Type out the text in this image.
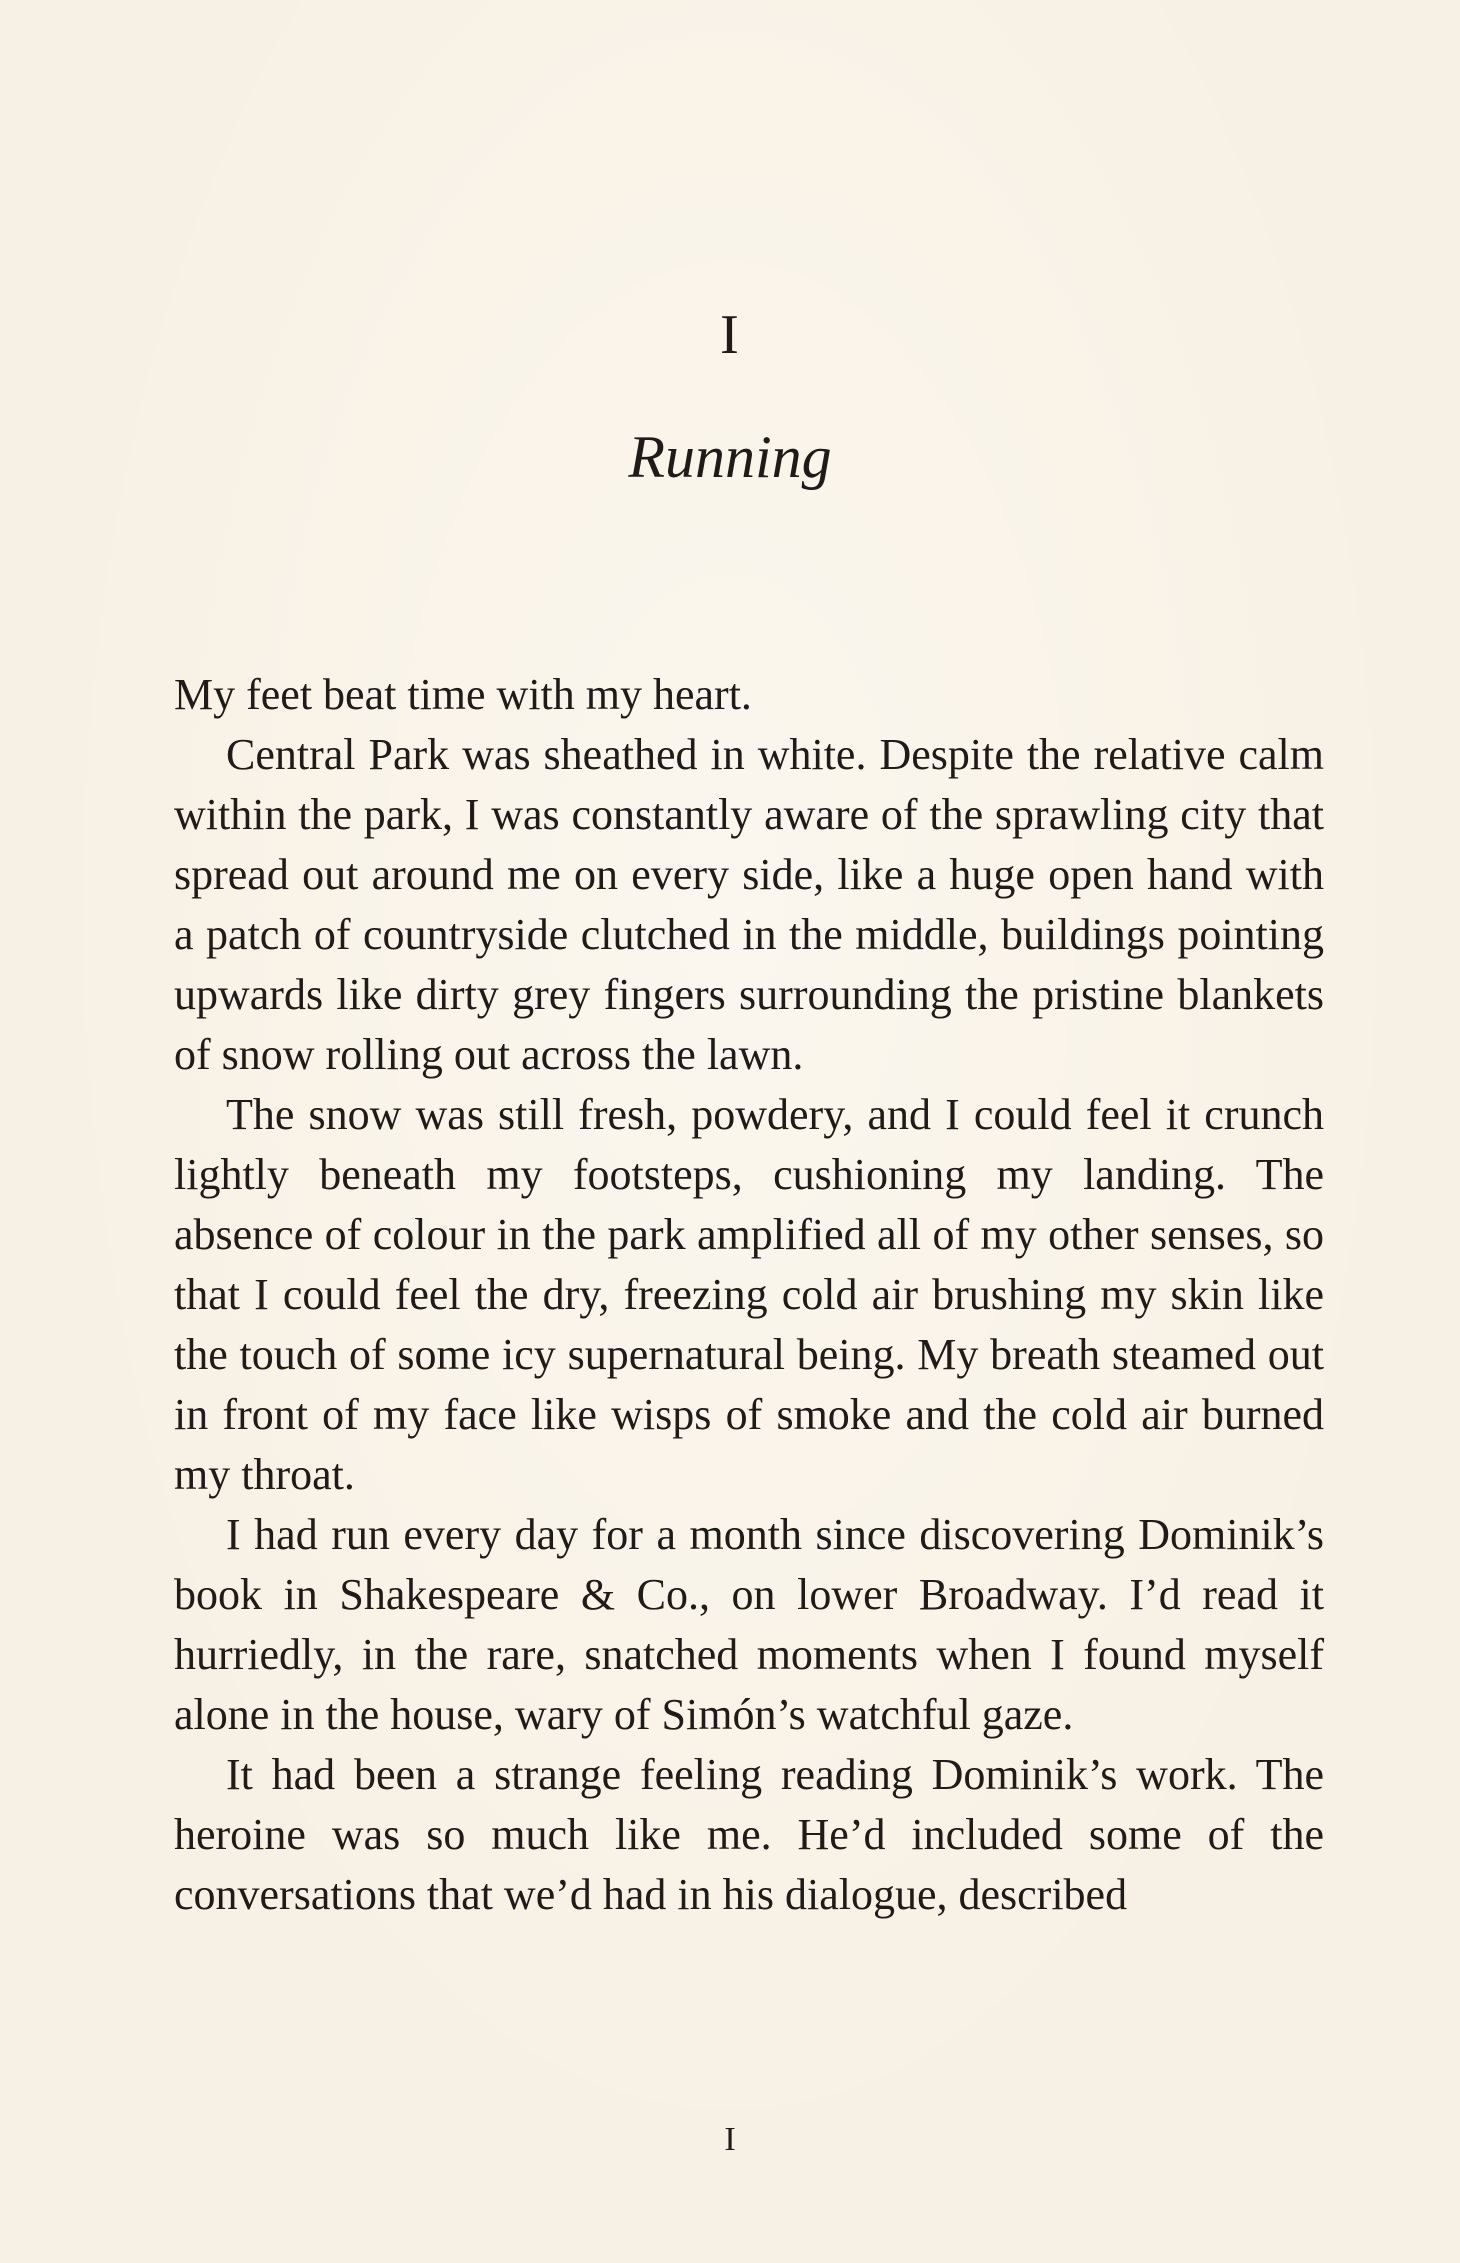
I
Running

My feet beat time with my heart.

Central Park was sheathed in white. Despite the relative calm within the park, I was constantly aware of the sprawling city that spread out around me on every side, like a huge open hand with a patch of countryside clutched in the middle, buildings pointing upwards like dirty grey fingers surrounding the pristine blankets of snow rolling out across the lawn.

The snow was still fresh, powdery, and I could feel it crunch lightly beneath my footsteps, cushioning my landing. The absence of colour in the park amplified all of my other senses, so that I could feel the dry, freezing cold air brushing my skin like the touch of some icy supernatural being. My breath steamed out in front of my face like wisps of smoke and the cold air burned my throat.

I had run every day for a month since discovering Dominik’s book in Shakespeare & Co., on lower Broadway. I’d read it hurriedly, in the rare, snatched moments when I found myself alone in the house, wary of Simón’s watchful gaze.

It had been a strange feeling reading Dominik’s work. The heroine was so much like me. He’d included some of the conversations that we’d had in his dialogue, described

I
